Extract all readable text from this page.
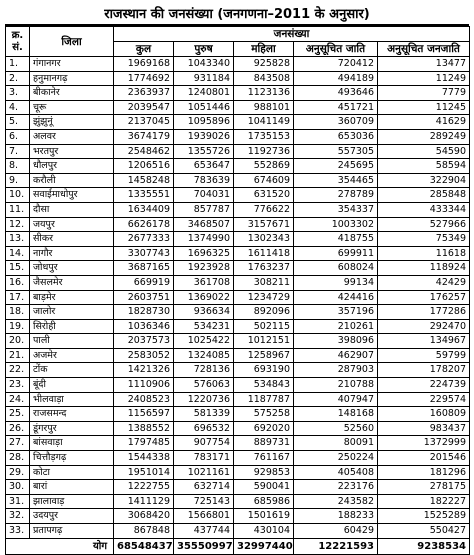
राजस्थान की जनसंख्या (जनगणना–2011 के अनुसार)
क्र. सं.	जिला	जनसंख्या				
		कुल	पुरुष	महिला	अनुसूचित जाति	अनुसूचित जनजाति
1.	गंगानगर	1969168	1043340	925828	720412	13477
2.	हनुमानगढ़	1774692	931184	843508	494189	11249
3.	बीकानेर	2363937	1240801	1123136	493646	7779
4.	चूरू	2039547	1051446	988101	451721	11245
5.	झुंझुनूं	2137045	1095896	1041149	360709	41629
6.	अलवर	3674179	1939026	1735153	653036	289249
7.	भरतपुर	2548462	1355726	1192736	557305	54590
8.	धौलपुर	1206516	653647	552869	245695	58594
9.	करौली	1458248	783639	674609	354465	322904
10.	सवाईमाधोपुर	1335551	704031	631520	278789	285848
11.	दौसा	1634409	857787	776622	354337	433344
12.	जयपुर	6626178	3468507	3157671	1003302	527966
13.	सीकर	2677333	1374990	1302343	418755	75349
14.	नागौर	3307743	1696325	1611418	699911	11618
15.	जोधपुर	3687165	1923928	1763237	608024	118924
16.	जैसलमेर	669919	361708	308211	99134	42429
17.	बाड़मेर	2603751	1369022	1234729	424416	176257
18.	जालोर	1828730	936634	892096	357196	177286
19.	सिरोही	1036346	534231	502115	210261	292470
20.	पाली	2037573	1025422	1012151	398096	134967
21.	अजमेर	2583052	1324085	1258967	462907	59799
22.	टोंक	1421326	728136	693190	287903	178207
23.	बूंदी	1110906	576063	534843	210788	224739
24.	भीलवाड़ा	2408523	1220736	1187787	407947	229574
25.	राजसमन्द	1156597	581339	575258	148168	160809
26.	डूंगरपुर	1388552	696532	692020	52560	983437
27.	बांसवाड़ा	1797485	907754	889731	80091	1372999
28.	चित्तौड़गढ़	1544338	783171	761167	250224	201546
29.	कोटा	1951014	1021161	929853	405408	181296
30.	बारां	1222755	632714	590041	223176	278175
31.	झालावाड़	1411129	725143	685986	243582	182227
32.	उदयपुर	3068420	1566801	1501619	188233	1525289
33.	प्रतापगढ़	867848	437744	430104	60429	550427
योग		68548437	35550997	32997440	12221593	9238534
